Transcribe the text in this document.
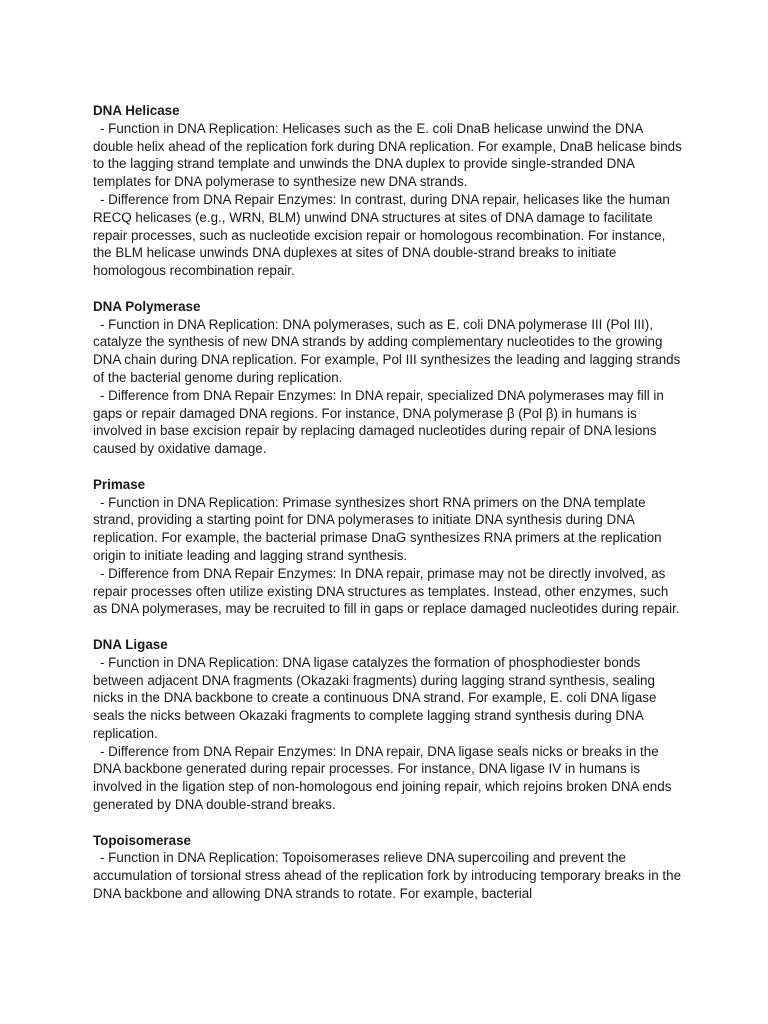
DNA Helicase

- Function in DNA Replication: Helicases such as the E. coli DnaB helicase unwind the DNA double helix ahead of the replication fork during DNA replication. For example, DnaB helicase binds to the lagging strand template and unwinds the DNA duplex to provide single-stranded DNA templates for DNA polymerase to synthesize new DNA strands.

- Difference from DNA Repair Enzymes: In contrast, during DNA repair, helicases like the human RECQ helicases (e.g., WRN, BLM) unwind DNA structures at sites of DNA damage to facilitate repair processes, such as nucleotide excision repair or homologous recombination. For instance, the BLM helicase unwinds DNA duplexes at sites of DNA double-strand breaks to initiate homologous recombination repair.

DNA Polymerase

- Function in DNA Replication: DNA polymerases, such as E. coli DNA polymerase III (Pol III), catalyze the synthesis of new DNA strands by adding complementary nucleotides to the growing DNA chain during DNA replication. For example, Pol III synthesizes the leading and lagging strands of the bacterial genome during replication.

- Difference from DNA Repair Enzymes: In DNA repair, specialized DNA polymerases may fill in gaps or repair damaged DNA regions. For instance, DNA polymerase β (Pol β) in humans is involved in base excision repair by replacing damaged nucleotides during repair of DNA lesions caused by oxidative damage.

Primase

- Function in DNA Replication: Primase synthesizes short RNA primers on the DNA template strand, providing a starting point for DNA polymerases to initiate DNA synthesis during DNA replication. For example, the bacterial primase DnaG synthesizes RNA primers at the replication origin to initiate leading and lagging strand synthesis.

- Difference from DNA Repair Enzymes: In DNA repair, primase may not be directly involved, as repair processes often utilize existing DNA structures as templates. Instead, other enzymes, such as DNA polymerases, may be recruited to fill in gaps or replace damaged nucleotides during repair.

DNA Ligase

- Function in DNA Replication: DNA ligase catalyzes the formation of phosphodiester bonds between adjacent DNA fragments (Okazaki fragments) during lagging strand synthesis, sealing nicks in the DNA backbone to create a continuous DNA strand. For example, E. coli DNA ligase seals the nicks between Okazaki fragments to complete lagging strand synthesis during DNA replication.

- Difference from DNA Repair Enzymes: In DNA repair, DNA ligase seals nicks or breaks in the DNA backbone generated during repair processes. For instance, DNA ligase IV in humans is involved in the ligation step of non-homologous end joining repair, which rejoins broken DNA ends generated by DNA double-strand breaks.

Topoisomerase

- Function in DNA Replication: Topoisomerases relieve DNA supercoiling and prevent the accumulation of torsional stress ahead of the replication fork by introducing temporary breaks in the DNA backbone and allowing DNA strands to rotate. For example, bacterial
